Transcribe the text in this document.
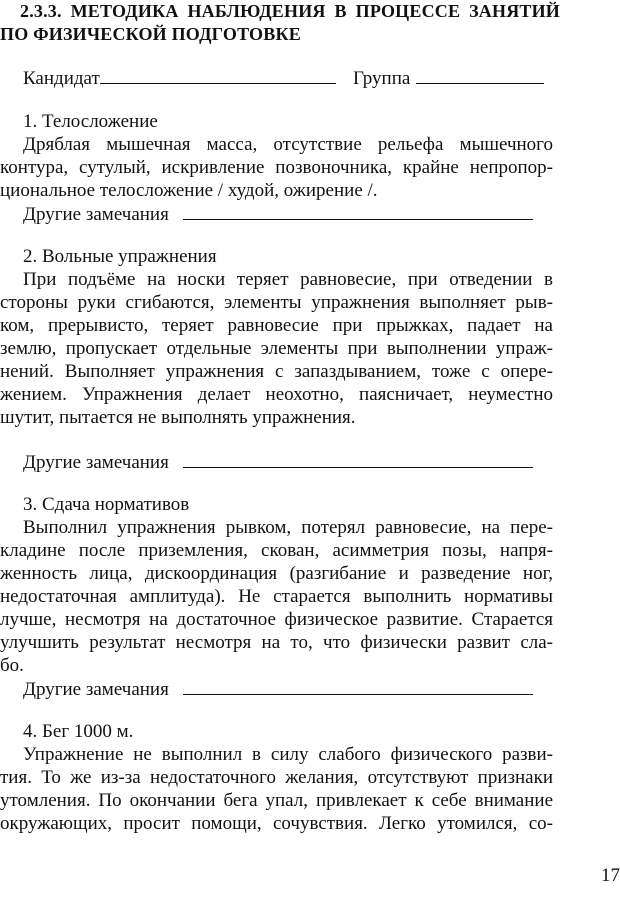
2.3.3. МЕТОДИКА НАБЛЮДЕНИЯ В ПРОЦЕССЕ ЗАНЯТИЙ
ПО ФИЗИЧЕСКОЙ ПОДГОТОВКЕ
Кандидат	Группа
1. Телосложение
Дряблая мышечная масса, отсутствие рельефа мышечного
контура, сутулый, искривление позвоночника, крайне непропор-
циональное телосложение / худой, ожирение /.
Другие замечания
2. Вольные упражнения
При подъёме на носки теряет равновесие, при отведении в
стороны руки сгибаются, элементы упражнения выполняет рыв-
ком, прерывисто, теряет равновесие при прыжках, падает на
землю, пропускает отдельные элементы при выполнении упраж-
нений. Выполняет упражнения с запаздыванием, тоже с опере-
жением. Упражнения делает неохотно, паясничает, неуместно
шутит, пытается не выполнять упражнения.
Другие замечания
3. Сдача нормативов
Выполнил упражнения рывком, потерял равновесие, на пере-
кладине после приземления, скован, асимметрия позы, напря-
женность лица, дискоординация (разгибание и разведение ног,
недостаточная амплитуда). Не старается выполнить нормативы
лучше, несмотря на достаточное физическое развитие. Старается
улучшить результат несмотря на то, что физически развит сла-
бо.
Другие замечания
4. Бег 1000 м.
Упражнение не выполнил в силу слабого физического разви-
тия. То же из-за недостаточного желания, отсутствуют признаки
утомления. По окончании бега упал, привлекает к себе внимание
окружающих, просит помощи, сочувствия. Легко утомился, со-
17
